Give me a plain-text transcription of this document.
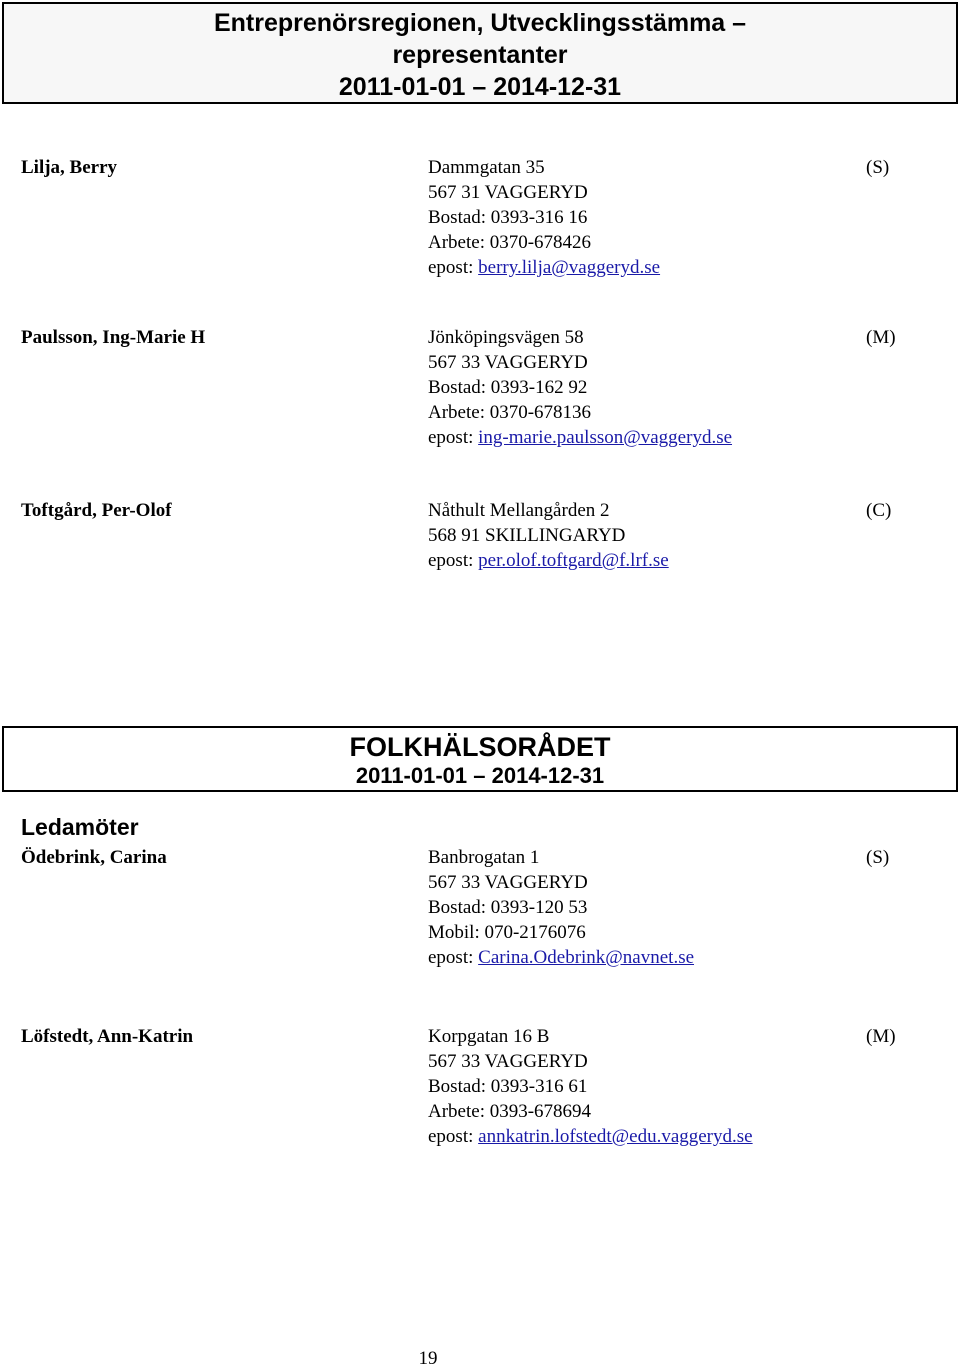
Entreprenörsregionen, Utvecklingsstämma –
representanter
2011-01-01 – 2014-12-31
Lilja, Berry	Dammgatan 35
567 31 VAGGERYD
Bostad: 0393-316 16
Arbete: 0370-678426
epost: berry.lilja@vaggeryd.se
(S)
Paulsson, Ing-Marie H	Jönköpingsvägen 58
567 33 VAGGERYD
Bostad: 0393-162 92
Arbete: 0370-678136
epost: ing-marie.paulsson@vaggeryd.se
(M)
Toftgård, Per-Olof	Nåthult Mellangården 2
568 91 SKILLINGARYD
epost: per.olof.toftgard@f.lrf.se
(C)
FOLKHÄLSORÅDET
2011-01-01 – 2014-12-31
Ledamöter
Ödebrink, Carina	Banbrogatan 1
567 33 VAGGERYD
Bostad: 0393-120 53
Mobil: 070-2176076
epost: Carina.Odebrink@navnet.se
(S)
Löfstedt, Ann-Katrin	Korpgatan 16 B
567 33 VAGGERYD
Bostad: 0393-316 61
Arbete: 0393-678694
epost: annkatrin.lofstedt@edu.vaggeryd.se
(M)
19
